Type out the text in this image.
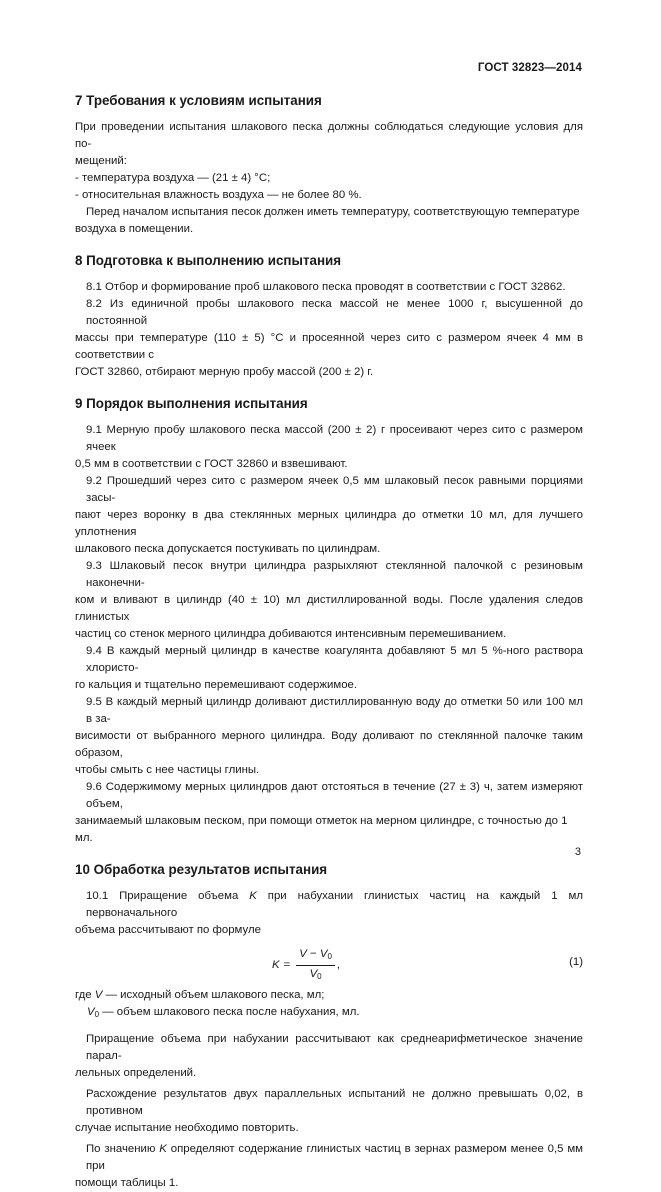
ГОСТ 32823—2014
7 Требования к условиям испытания

При проведении испытания шлакового песка должны соблюдаться следующие условия для по-

мещений:

- температура воздуха — (21 ± 4) °С;

- относительная влажность воздуха — не более 80 %.

Перед началом испытания песок должен иметь температуру, соответствующую температуре

воздуха в помещении.

8 Подготовка к выполнению испытания

8.1 Отбор и формирование проб шлакового песка проводят в соответствии с ГОСТ 32862.

8.2 Из единичной пробы шлакового песка массой не менее 1000 г, высушенной до постоянной

массы при температуре (110 ± 5) °С и просеянной через сито с размером ячеек 4 мм в соответствии с

ГОСТ 32860, отбирают мерную пробу массой (200 ± 2) г.

9 Порядок выполнения испытания

9.1 Мерную пробу шлакового песка массой (200 ± 2) г просеивают через сито с размером ячеек

0,5 мм в соответствии с ГОСТ 32860 и взвешивают.

9.2 Прошедший через сито с размером ячеек 0,5 мм шлаковый песок равными порциями засы-

пают через воронку в два стеклянных мерных цилиндра до отметки 10 мл, для лучшего уплотнения

шлакового песка допускается постукивать по цилиндрам.

9.3 Шлаковый песок внутри цилиндра разрыхляют стеклянной палочкой с резиновым наконечни-

ком и вливают в цилиндр (40 ± 10) мл дистиллированной воды. После удаления следов глинистых

частиц со стенок мерного цилиндра добиваются интенсивным перемешиванием.

9.4 В каждый мерный цилиндр в качестве коагулянта добавляют 5 мл 5 %-ного раствора хлористо-

го кальция и тщательно перемешивают содержимое.

9.5 В каждый мерный цилиндр доливают дистиллированную воду до отметки 50 или 100 мл в за-

висимости от выбранного мерного цилиндра. Воду доливают по стеклянной палочке таким образом,

чтобы смыть с нее частицы глины.

9.6 Содержимому мерных цилиндров дают отстояться в течение (27 ± 3) ч, затем измеряют объем,

занимаемый шлаковым песком, при помощи отметок на мерном цилиндре, с точностью до 1 мл.

10 Обработка результатов испытания

10.1 Приращение объема K при набухании глинистых частиц на каждый 1 мл первоначального

объема рассчитывают по формуле

$K = \frac{V - V_0}{V_0}$ ,	(1)

где V — исходный объем шлакового песка, мл;

$V_0$ — объем шлакового песка после набухания, мл.

Приращение объема при набухании рассчитывают как среднеарифметическое значение парал-

лельных определений.

Расхождение результатов двух параллельных испытаний не должно превышать 0,02, в противном

случае испытание необходимо повторить.

По значению K определяют содержание глинистых частиц в зернах размером менее 0,5 мм при

помощи таблицы 1.

3
